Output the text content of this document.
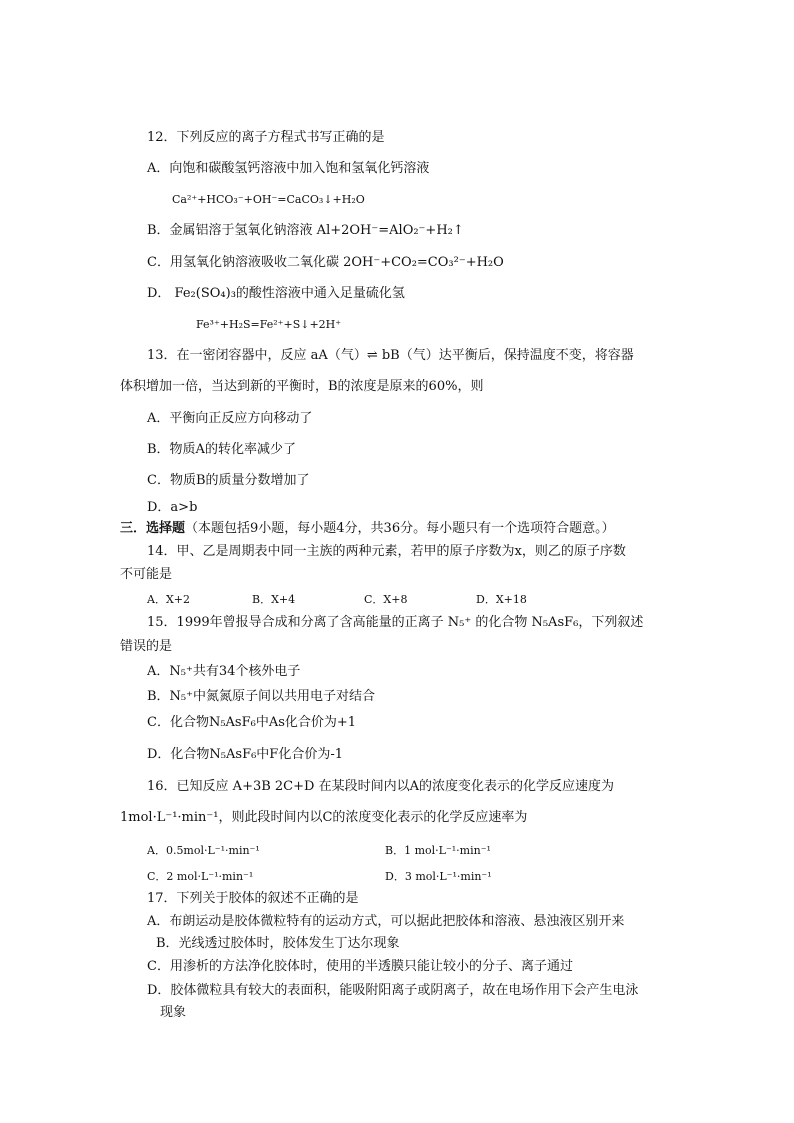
12．下列反应的离子方程式书写正确的是
A．向饱和碳酸氢钙溶液中加入饱和氢氧化钙溶液
Ca²⁺+HCO₃⁻+OH⁻=CaCO₃↓+H₂O
B．金属铝溶于氢氧化钠溶液 Al+2OH⁻=AlO₂⁻+H₂↑
C．用氢氧化钠溶液吸收二氧化碳 2OH⁻+CO₂=CO₃²⁻+H₂O
D． Fe₂(SO₄)₃的酸性溶液中通入足量硫化氢
Fe³⁺+H₂S=Fe²⁺+S↓+2H⁺
13．在一密闭容器中，反应 aA（气）⇌ bB（气）达平衡后，保持温度不变，将容器
体积增加一倍，当达到新的平衡时，B的浓度是原来的60%，则
A．平衡向正反应方向移动了
B．物质A的转化率减少了
C．物质B的质量分数增加了
D．a>b
三．选择题（本题包括9小题，每小题4分，共36分。每小题只有一个选项符合题意。）
14．甲、乙是周期表中同一主族的两种元素，若甲的原子序数为x，则乙的原子序数
不可能是
A．X+2	B．X+4	C．X+8	D．X+18
15．1999年曾报导合成和分离了含高能量的正离子 N₅⁺ 的化合物 N₅AsF₆，下列叙述
错误的是
A．N₅⁺共有34个核外电子
B．N₅⁺中氮氮原子间以共用电子对结合
C．化合物N₅AsF₆中As化合价为+1
D．化合物N₅AsF₆中F化合价为-1
16．已知反应 A+3B 2C+D 在某段时间内以A的浓度变化表示的化学反应速度为
1mol·L⁻¹·min⁻¹，则此段时间内以C的浓度变化表示的化学反应速率为
A．0.5mol·L⁻¹·min⁻¹	B．1 mol·L⁻¹·min⁻¹
C．2 mol·L⁻¹·min⁻¹	D．3 mol·L⁻¹·min⁻¹
17．下列关于胶体的叙述不正确的是
A．布朗运动是胶体微粒特有的运动方式，可以据此把胶体和溶液、悬浊液区别开来
B．光线透过胶体时，胶体发生丁达尔现象
C．用渗析的方法净化胶体时，使用的半透膜只能让较小的分子、离子通过
D．胶体微粒具有较大的表面积，能吸附阳离子或阴离子，故在电场作用下会产生电泳
现象
